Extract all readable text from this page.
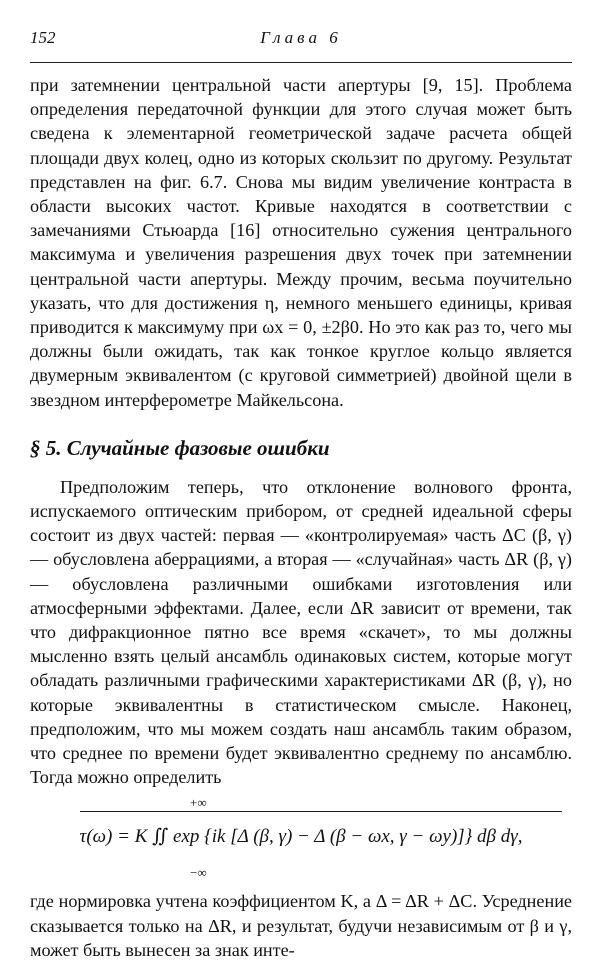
152	Глава 6

при затемнении центральной части апертуры [9, 15]. Проблема определения передаточной функции для этого случая может быть сведена к элементарной геометрической задаче расчета общей площади двух колец, одно из которых скользит по другому. Результат представлен на фиг. 6.7. Снова мы видим увеличение контраста в области высоких частот. Кривые находятся в соответствии с замечаниями Стьюарда [16] относительно сужения центрального максимума и увеличения разрешения двух точек при затемнении центральной части апертуры. Между прочим, весьма поучительно указать, что для достижения η, немного меньшего единицы, кривая приводится к максимуму при ωx = 0, ±2β0. Но это как раз то, чего мы должны были ожидать, так как тонкое круглое кольцо является двумерным эквивалентом (с круговой симметрией) двойной щели в звездном интерферометре Майкельсона.

§ 5. Случайные фазовые ошибки

Предположим теперь, что отклонение волнового фронта, испускаемого оптическим прибором, от средней идеальной сферы состоит из двух частей: первая — «контролируемая» часть ΔC (β, γ) — обусловлена аберрациями, а вторая — «случайная» часть ΔR (β, γ) — обусловлена различными ошибками изготовления или атмосферными эффектами. Далее, если ΔR зависит от времени, так что дифракционное пятно все время «скачет», то мы должны мысленно взять целый ансамбль одинаковых систем, которые могут обладать различными графическими характеристиками ΔR (β, γ), но которые эквивалентны в статистическом смысле. Наконец, предположим, что мы можем создать наш ансамбль таким образом, что среднее по времени будет эквивалентно среднему по ансамблю. Тогда можно определить

+∞
−∞
τ(ω) = K ∬ exp {ik [Δ (β, γ) − Δ (β − ωx, γ − ωy)]} dβ dγ,

где нормировка учтена коэффициентом K, а Δ = ΔR + ΔC. Усреднение сказывается только на ΔR, и результат, будучи независимым от β и γ, может быть вынесен за знак инте-
